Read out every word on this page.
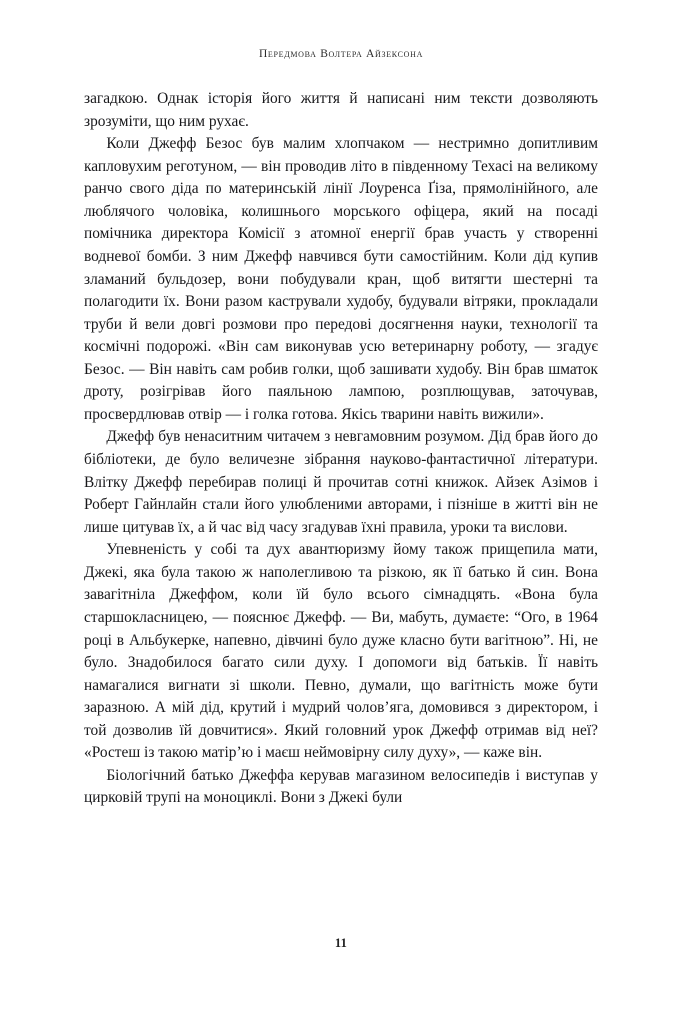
Передмова Волтера Айзексона

загадкою. Однак історія його життя й написані ним тексти дозволяють зрозуміти, що ним рухає.

Коли Джефф Безос був малим хлопчаком — нестримно допитливим капловухим реготуном, — він проводив літо в південному Техасі на великому ранчо свого діда по материнській лінії Лоуренса Ґіза, прямолінійного, але люблячого чоловіка, колишнього морського офіцера, який на посаді помічника директора Комісії з атомної енергії брав участь у створенні водневої бомби. З ним Джефф навчився бути самостійним. Коли дід купив зламаний бульдозер, вони побудували кран, щоб витягти шестерні та полагодити їх. Вони разом кастрували худобу, будували вітряки, прокладали труби й вели довгі розмови про передові досягнення науки, технології та космічні подорожі. «Він сам виконував усю ветеринарну роботу, — згадує Безос. — Він навіть сам робив голки, щоб зашивати худобу. Він брав шматок дроту, розігрівав його паяльною лампою, розплющував, заточував, просвердлював отвір — і голка готова. Якісь тварини навіть вижили».

Джефф був ненаситним читачем з невгамовним розумом. Дід брав його до бібліотеки, де було величезне зібрання науково-фантастичної літератури. Влітку Джефф перебирав полиці й прочитав сотні книжок. Айзек Азімов і Роберт Гайнлайн стали його улюбленими авторами, і пізніше в житті він не лише цитував їх, а й час від часу згадував їхні правила, уроки та вислови.

Упевненість у собі та дух авантюризму йому також прищепила мати, Джекі, яка була такою ж наполегливою та різкою, як її батько й син. Вона завагітніла Джеффом, коли їй було всього сімнадцять. «Вона була старшокласницею, — пояснює Джефф. — Ви, мабуть, думаєте: “Ого, в 1964 році в Альбукерке, напевно, дівчині було дуже класно бути вагітною”. Ні, не було. Знадобилося багато сили духу. І допомоги від батьків. Її навіть намагалися вигнати зі школи. Певно, думали, що вагітність може бути заразною. А мій дід, крутий і мудрий чолов’яга, домовився з директором, і той дозволив їй довчитися». Який головний урок Джефф отримав від неї? «Ростеш із такою матір’ю і маєш неймовірну силу духу», — каже він.

Біологічний батько Джеффа керував магазином велосипедів і виступав у цирковій трупі на моноциклі. Вони з Джекі були

11
